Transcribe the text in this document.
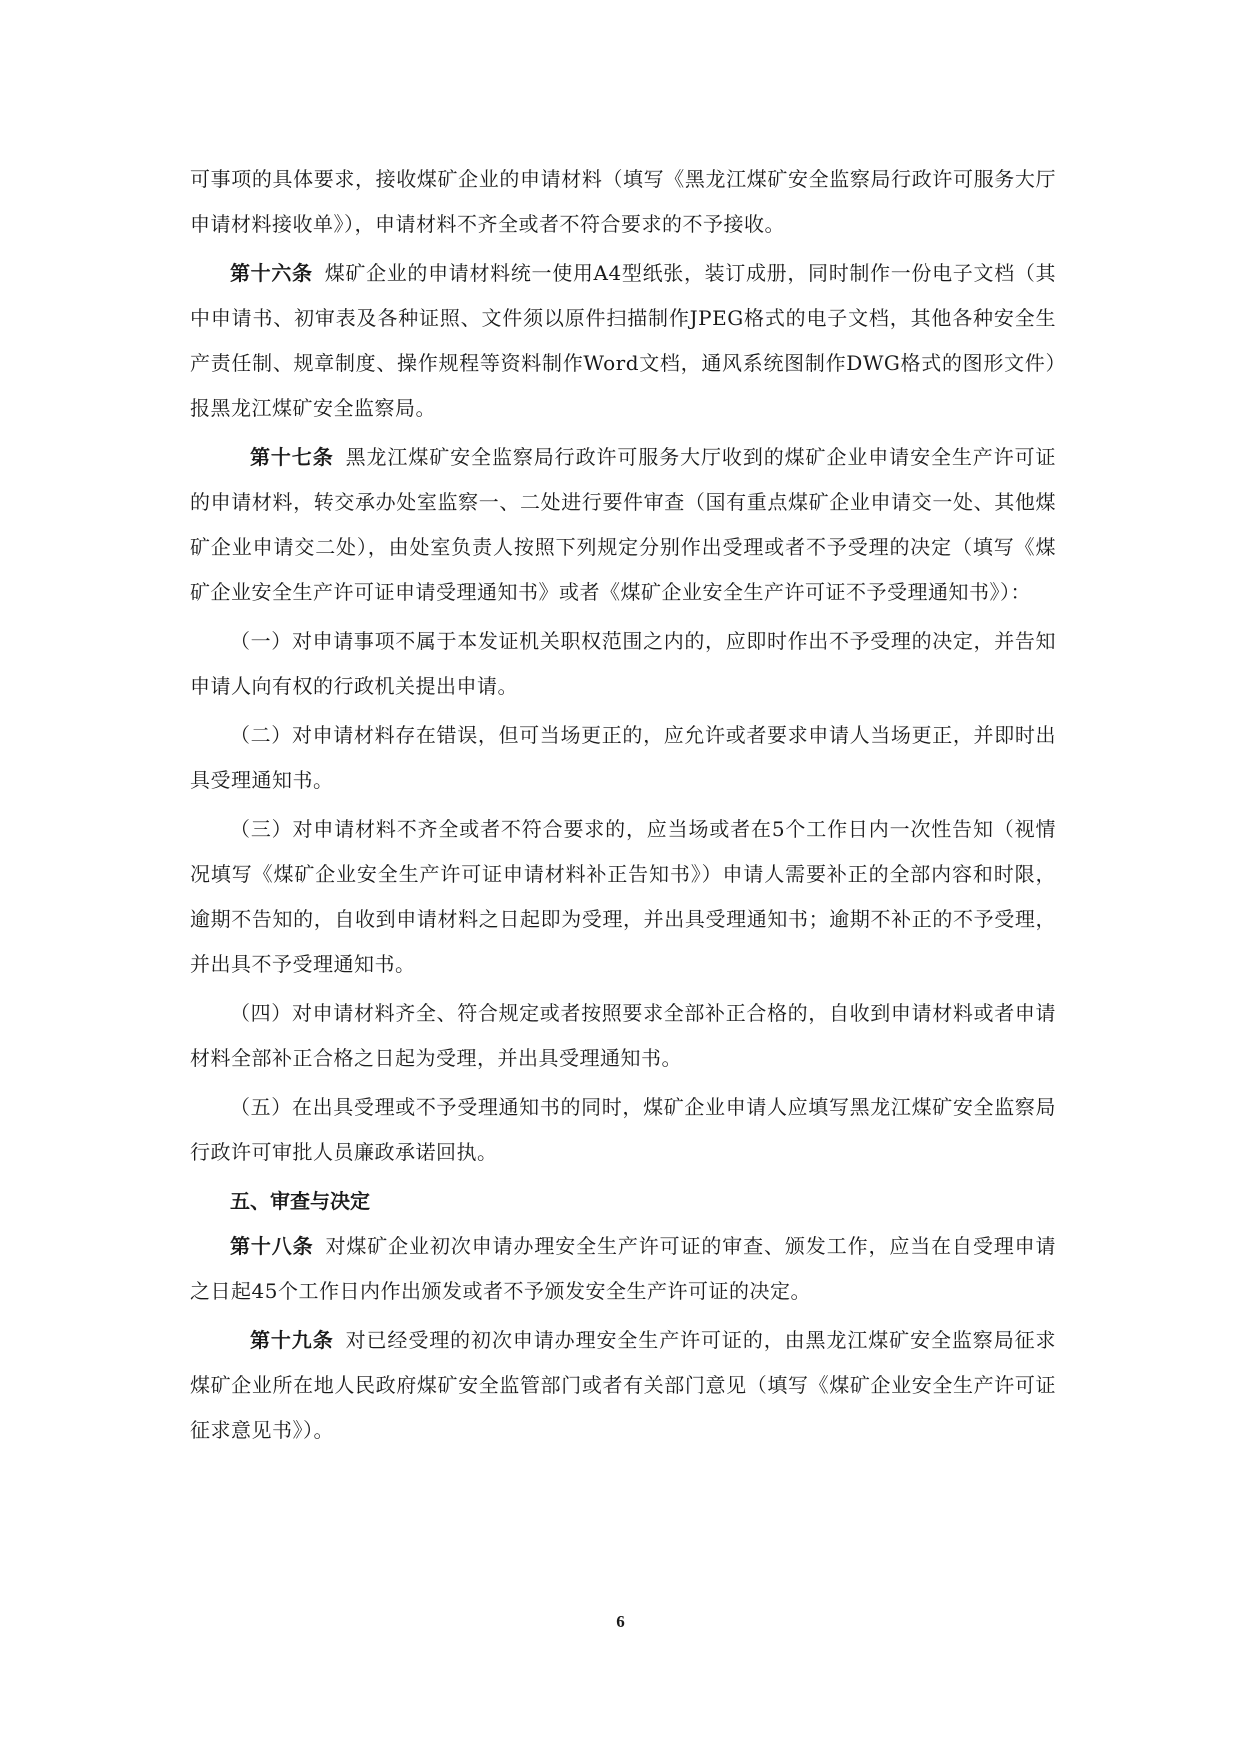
可事项的具体要求，接收煤矿企业的申请材料（填写《黑龙江煤矿安全监察局行政许可服务大厅申请材料接收单》），申请材料不齐全或者不符合要求的不予接收。

第十六条 煤矿企业的申请材料统一使用A4型纸张，装订成册，同时制作一份电子文档（其中申请书、初审表及各种证照、文件须以原件扫描制作JPEG格式的电子文档，其他各种安全生产责任制、规章制度、操作规程等资料制作Word文档，通风系统图制作DWG格式的图形文件）报黑龙江煤矿安全监察局。

第十七条 黑龙江煤矿安全监察局行政许可服务大厅收到的煤矿企业申请安全生产许可证的申请材料，转交承办处室监察一、二处进行要件审查（国有重点煤矿企业申请交一处、其他煤矿企业申请交二处），由处室负责人按照下列规定分别作出受理或者不予受理的决定（填写《煤矿企业安全生产许可证申请受理通知书》或者《煤矿企业安全生产许可证不予受理通知书》）：

（一）对申请事项不属于本发证机关职权范围之内的，应即时作出不予受理的决定，并告知申请人向有权的行政机关提出申请。

（二）对申请材料存在错误，但可当场更正的，应允许或者要求申请人当场更正，并即时出具受理通知书。

（三）对申请材料不齐全或者不符合要求的，应当场或者在5个工作日内一次性告知（视情况填写《煤矿企业安全生产许可证申请材料补正告知书》）申请人需要补正的全部内容和时限，逾期不告知的，自收到申请材料之日起即为受理，并出具受理通知书；逾期不补正的不予受理，并出具不予受理通知书。

（四）对申请材料齐全、符合规定或者按照要求全部补正合格的，自收到申请材料或者申请材料全部补正合格之日起为受理，并出具受理通知书。

（五）在出具受理或不予受理通知书的同时，煤矿企业申请人应填写黑龙江煤矿安全监察局行政许可审批人员廉政承诺回执。

五、审查与决定

第十八条 对煤矿企业初次申请办理安全生产许可证的审查、颁发工作，应当在自受理申请之日起45个工作日内作出颁发或者不予颁发安全生产许可证的决定。

第十九条 对已经受理的初次申请办理安全生产许可证的，由黑龙江煤矿安全监察局征求煤矿企业所在地人民政府煤矿安全监管部门或者有关部门意见（填写《煤矿企业安全生产许可证征求意见书》）。

6
